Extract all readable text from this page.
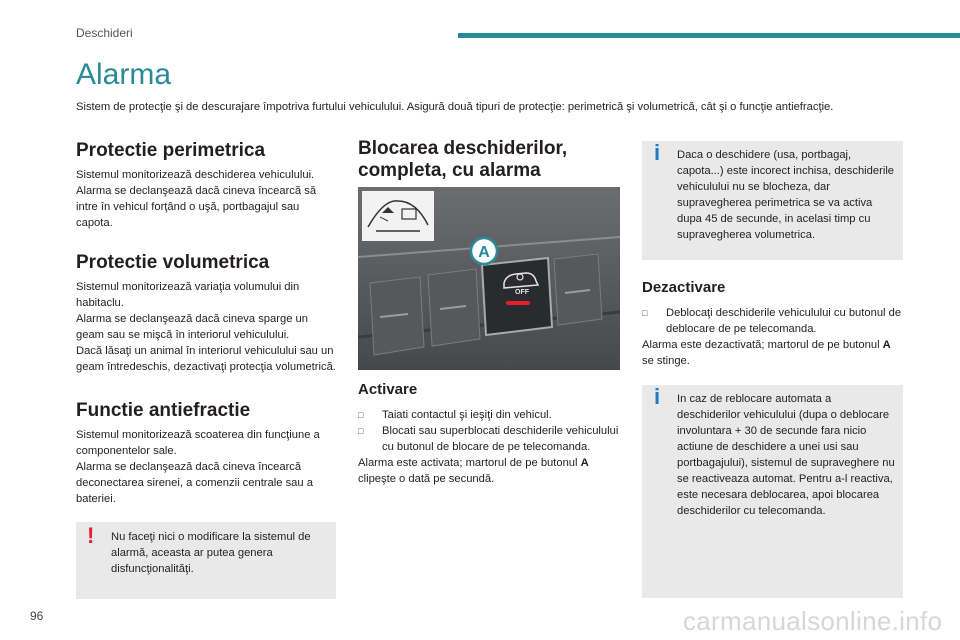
Deschideri
Alarma
Sistem de protecţie şi de descurajare împotriva furtului vehiculului. Asigură două tipuri de protecţie: perimetrică şi volumetrică, cât şi o funcţie antiefracţie.
Protectie perimetrica

Sistemul monitorizează deschiderea vehiculului.

Alarma se declanşează dacă cineva încearcă să intre în vehicul forţând o uşă, portbagajul sau capota.

Protectie volumetrica

Sistemul monitorizează variaţia volumului din habitaclu.

Alarma se declanşează dacă cineva sparge un geam sau se mişcă în interiorul vehiculului.

Dacă lăsaţi un animal în interiorul vehiculului sau un geam întredeschis, dezactivaţi protecţia volumetrică.

Functie antiefractie

Sistemul monitorizează scoaterea din funcţiune a componentelor sale.

Alarma se declanşează dacă cineva încearcă deconectarea sirenei, a comenzii centrale sau a bateriei.

! Nu faceţi nici o modificare la sistemul de alarmă, aceasta ar putea genera disfuncţionalităţi.
Blocarea deschiderilor, completa, cu alarma
OFF
A
Activare
□ Taiati contactul şi ieşiţi din vehicul.
□ Blocati sau superblocati deschiderile vehiculului cu butonul de blocare de pe telecomanda.

Alarma este activata; martorul de pe butonul A clipeşte o dată pe secundă.

i Daca o deschidere (usa, portbagaj, capota...) este incorect inchisa, deschiderile vehiculului nu se blocheza, dar supravegherea perimetrica se va activa dupa 45 de secunde, in acelasi timp cu supravegherea volumetrica.
Dezactivare
□ Deblocaţi deschiderile vehiculului cu butonul de deblocare de pe telecomanda.

Alarma este dezactivată; martorul de pe butonul A se stinge.

i In caz de reblocare automata a deschiderilor vehiculului (dupa o deblocare involuntara + 30 de secunde fara nicio actiune de deschidere a unei usi sau portbagajului), sistemul de supraveghere nu se reactiveaza automat. Pentru a-l reactiva, este necesara deblocarea, apoi blocarea deschiderilor cu telecomanda.
96	carmanualsonline.info
